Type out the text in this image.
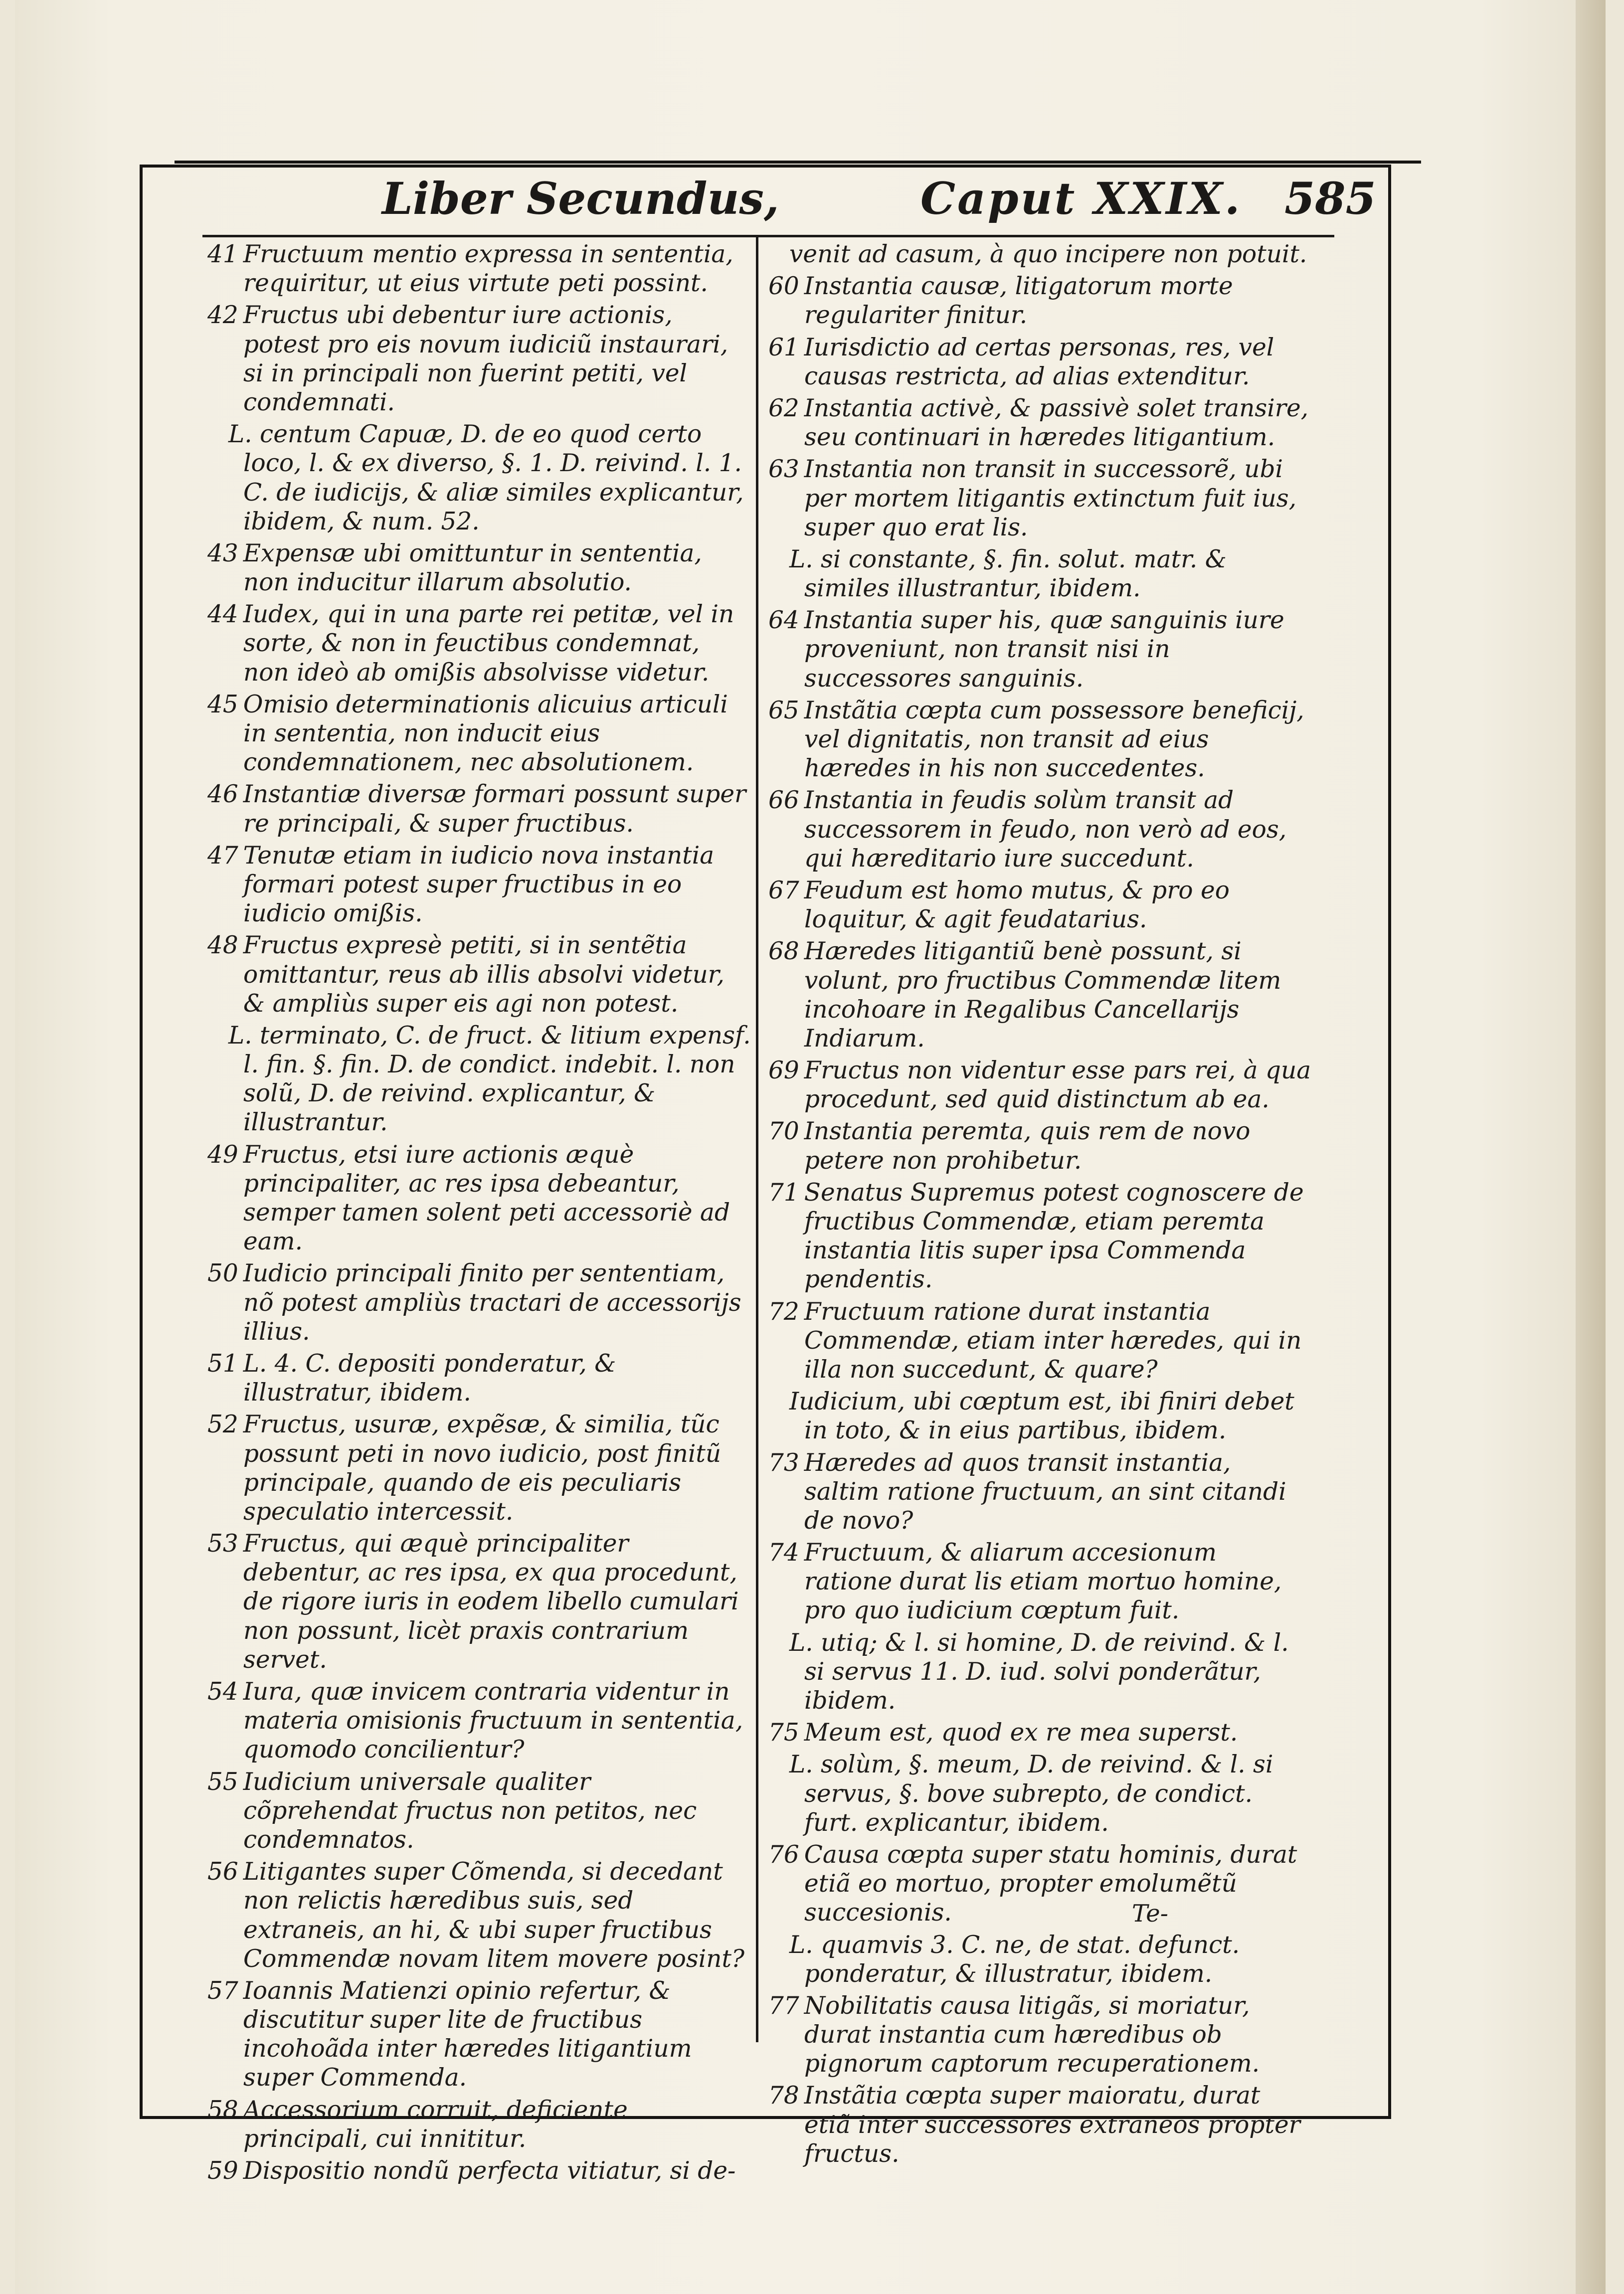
Liber Secundus,	Caput XXIX. 585
41 Fructuum mentio expressa in sententia, requiritur, ut eius virtute peti possint.
42 Fructus ubi debentur iure actionis, potest pro eis novum iudiciũ instaurari, si in principali non fuerint petiti, vel condemnati.
L. centum Capuæ, D. de eo quod certo loco, l. & ex diverso, §. 1. D. reivind. l. 1. C. de iudicijs, & aliæ similes explicantur, ibidem, & num. 52.
43 Expensæ ubi omittuntur in sententia, non inducitur illarum absolutio.
44 Iudex, qui in una parte rei petitæ, vel in sorte, & non in feuctibus condemnat, non ideò ab omißis absolvisse videtur.
45 Omisio determinationis alicuius articuli in sententia, non inducit eius condemnationem, nec absolutionem.
46 Instantiæ diversæ formari possunt super re principali, & super fructibus.
47 Tenutæ etiam in iudicio nova instantia formari potest super fructibus in eo iudicio omißis.
48 Fructus expresè petiti, si in sentẽtia omittantur, reus ab illis absolvi videtur, & ampliùs super eis agi non potest.
L. terminato, C. de fruct. & litium expensf. l. fin. §. fin. D. de condict. indebit. l. non solũ, D. de reivind. explicantur, & illustrantur.
49 Fructus, etsi iure actionis æquè principaliter, ac res ipsa debeantur, semper tamen solent peti accessoriè ad eam.
50 Iudicio principali finito per sententiam, nõ potest ampliùs tractari de accessorijs illius.
51 L. 4. C. depositi ponderatur, & illustratur, ibidem.
52 Fructus, usuræ, expẽsæ, & similia, tũc possunt peti in novo iudicio, post finitũ principale, quando de eis peculiaris speculatio intercessit.
53 Fructus, qui æquè principaliter debentur, ac res ipsa, ex qua procedunt, de rigore iuris in eodem libello cumulari non possunt, licèt praxis contrarium servet.
54 Iura, quæ invicem contraria videntur in materia omisionis fructuum in sententia, quomodo concilientur?
55 Iudicium universale qualiter cõprehendat fructus non petitos, nec condemnatos.
56 Litigantes super Cõmenda, si decedant non relictis hæredibus suis, sed extraneis, an hi, & ubi super fructibus Commendæ novam litem movere posint?
57 Ioannis Matienzi opinio refertur, & discutitur super lite de fructibus incohoãda inter hæredes litigantium super Commenda.
58 Accessorium corruit, deficiente principali, cui innititur.
59 Dispositio nondũ perfecta vitiatur, si de-
venit ad casum, à quo incipere non potuit.
60 Instantia causæ, litigatorum morte regulariter finitur.
61 Iurisdictio ad certas personas, res, vel causas restricta, ad alias extenditur.
62 Instantia activè, & passivè solet transire, seu continuari in hæredes litigantium.
63 Instantia non transit in successorẽ, ubi per mortem litigantis extinctum fuit ius, super quo erat lis.
L. si constante, §. fin. solut. matr. & similes illustrantur, ibidem.
64 Instantia super his, quæ sanguinis iure proveniunt, non transit nisi in successores sanguinis.
65 Instãtia cœpta cum possessore beneficij, vel dignitatis, non transit ad eius hæredes in his non succedentes.
66 Instantia in feudis solùm transit ad successorem in feudo, non verò ad eos, qui hæreditario iure succedunt.
67 Feudum est homo mutus, & pro eo loquitur, & agit feudatarius.
68 Hæredes litigantiũ benè possunt, si volunt, pro fructibus Commendæ litem incohoare in Regalibus Cancellarijs Indiarum.
69 Fructus non videntur esse pars rei, à qua procedunt, sed quid distinctum ab ea.
70 Instantia peremta, quis rem de novo petere non prohibetur.
71 Senatus Supremus potest cognoscere de fructibus Commendæ, etiam peremta instantia litis super ipsa Commenda pendentis.
72 Fructuum ratione durat instantia Commendæ, etiam inter hæredes, qui in illa non succedunt, & quare?
Iudicium, ubi cœptum est, ibi finiri debet in toto, & in eius partibus, ibidem.
73 Hæredes ad quos transit instantia, saltim ratione fructuum, an sint citandi de novo?
74 Fructuum, & aliarum accesionum ratione durat lis etiam mortuo homine, pro quo iudicium cœptum fuit.
L. utiq; & l. si homine, D. de reivind. & l. si servus 11. D. iud. solvi ponderãtur, ibidem.
75 Meum est, quod ex re mea superst.
L. solùm, §. meum, D. de reivind. & l. si servus, §. bove subrepto, de condict. furt. explicantur, ibidem.
76 Causa cœpta super statu hominis, durat etiã eo mortuo, propter emolumẽtũ succesionis.
L. quamvis 3. C. ne, de stat. defunct. ponderatur, & illustratur, ibidem.
77 Nobilitatis causa litigãs, si moriatur, durat instantia cum hæredibus ob pignorum captorum recuperationem.
78 Instãtia cœpta super maioratu, durat etiã inter successores extraneos propter fructus.
Te-
